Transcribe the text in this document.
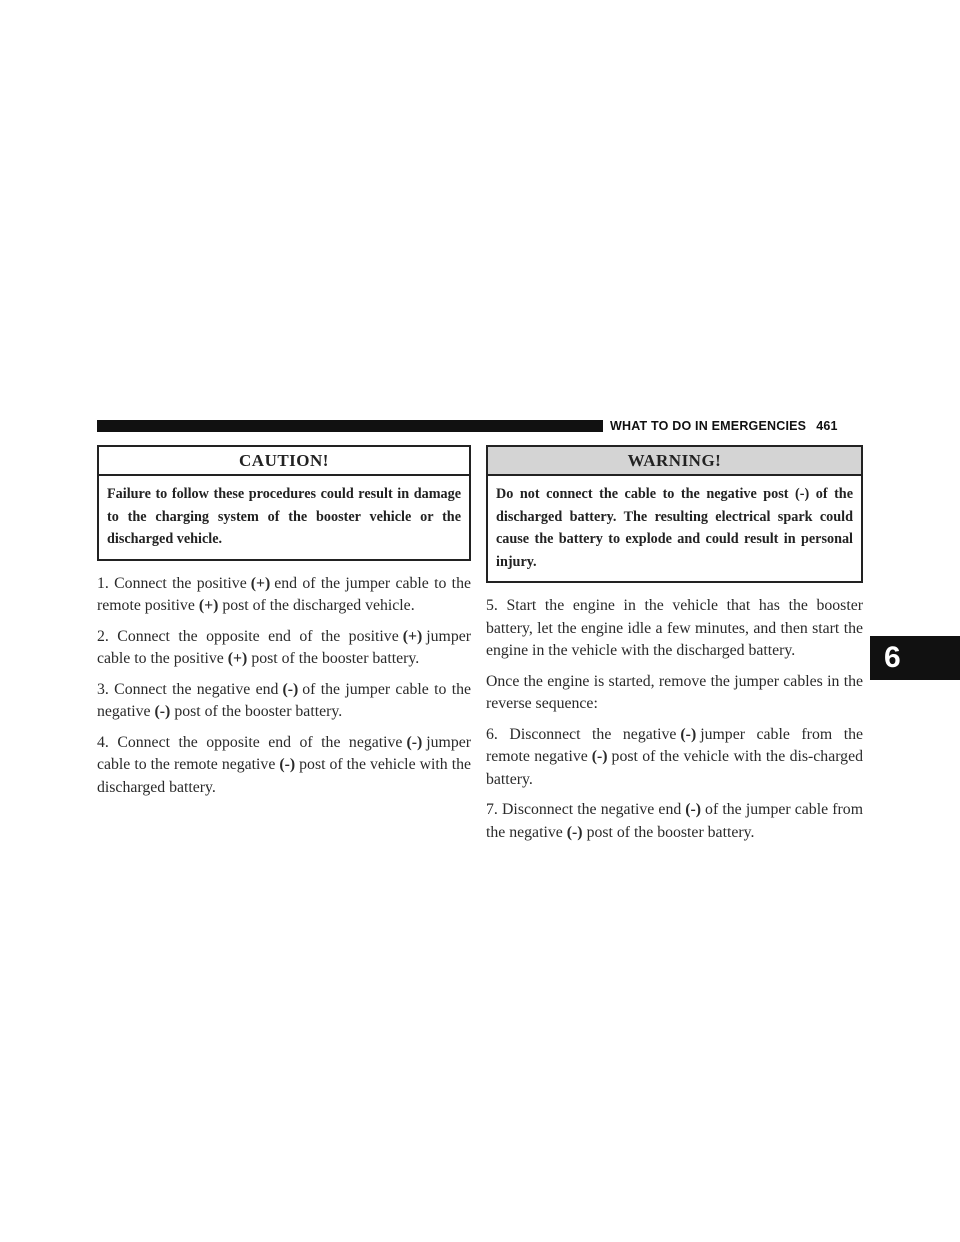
WHAT TO DO IN EMERGENCIES 461
6
CAUTION!
Failure to follow these procedures could result in damage to the charging system of the booster vehicle or the discharged vehicle.

1. Connect the positive (+) end of the jumper cable to the remote positive (+) post of the discharged vehicle.

2. Connect the opposite end of the positive (+) jumper cable to the positive (+) post of the booster battery.

3. Connect the negative end (-) of the jumper cable to the negative (-) post of the booster battery.

4. Connect the opposite end of the negative (-) jumper cable to the remote negative (-) post of the vehicle with the discharged battery.

WARNING!
Do not connect the cable to the negative post (-) of the discharged battery. The resulting electrical spark could cause the battery to explode and could result in personal injury.

5. Start the engine in the vehicle that has the booster battery, let the engine idle a few minutes, and then start the engine in the vehicle with the discharged battery.

Once the engine is started, remove the jumper cables in the reverse sequence:

6. Disconnect the negative (-) jumper cable from the remote negative (-) post of the vehicle with the dis-charged battery.

7. Disconnect the negative end (-) of the jumper cable from the negative (-) post of the booster battery.
